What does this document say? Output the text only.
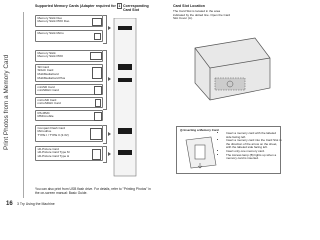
Print Photos from a Memory Card
Supported Memory Cards (Adapter required for 1 Corresponding Card Slot
Card Slot Location
The Card Slot is located in the area indicated by the dotted line. Open the Card Slot Cover (A).
Memory Stick Duo
Memory Stick PRO Duo
Memory Stick Micro
Memory Stick
Memory Stick PRO
SD Card
SDHC Card
MultiMediaCard
MultiMediaCard Plus
miniSD Card
miniSDHC Card
microSD Card
microSDHC Card
RS-MMC
MMCmobile
Compact Flash Card
Microdrive
TYPE I / TYPE II (3.3V)
xD-Picture Card
xD-Picture Card Type M
xD-Picture Card Type H
◎ Inserting a Memory Card
• Insert a memory card with the labeled side facing left.
• Insert a memory card into the Card Slot in the direction of the arrow on the sheet, with the labeled side facing left.
• Insert only one memory card.
• The Access lamp (B) lights up when a memory card is inserted.
You can also print from USB flash drive. For details, refer to "Printing Photos" in the on-screen manual: Basic Guide.
16 3 Try Using the Machine
